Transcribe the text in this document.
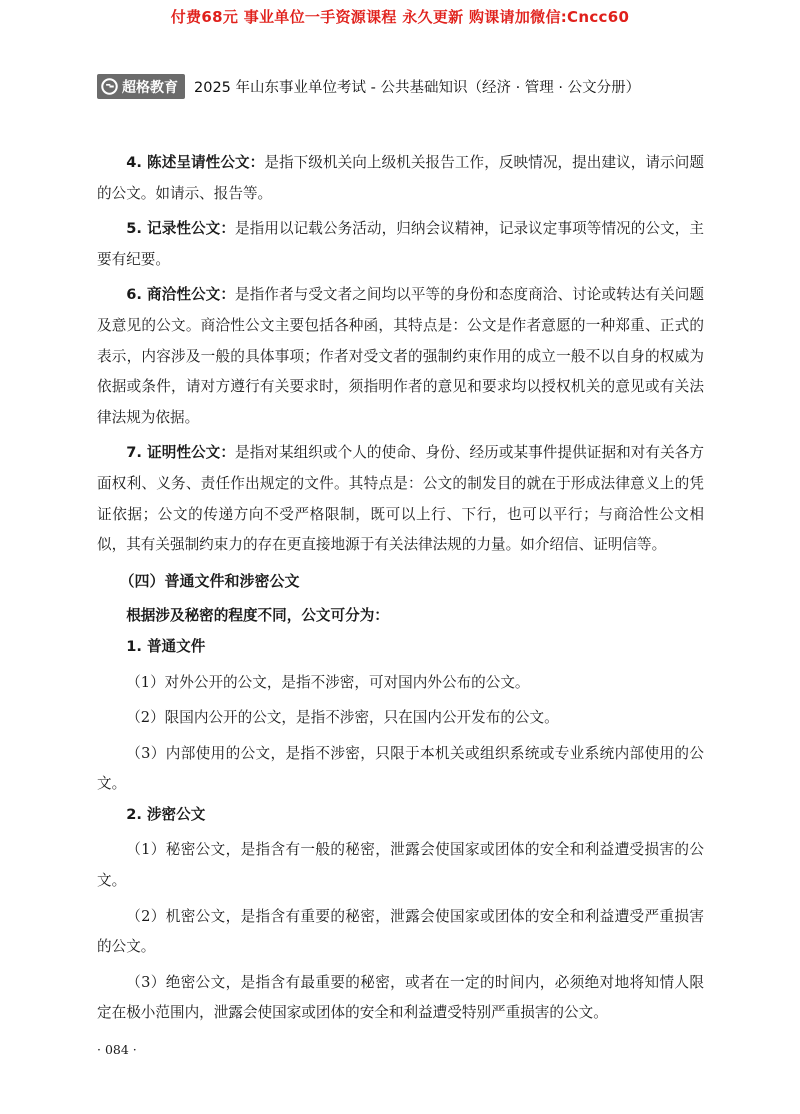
付费68元 事业单位一手资源课程 永久更新 购课请加微信:Cncc60
超格教育 2025 年山东事业单位考试 - 公共基础知识（经济 · 管理 · 公文分册）

4. 陈述呈请性公文：是指下级机关向上级机关报告工作，反映情况，提出建议，请示问题的公文。如请示、报告等。

5. 记录性公文：是指用以记载公务活动，归纳会议精神，记录议定事项等情况的公文，主要有纪要。

6. 商洽性公文：是指作者与受文者之间均以平等的身份和态度商洽、讨论或转达有关问题及意见的公文。商洽性公文主要包括各种函，其特点是：公文是作者意愿的一种郑重、正式的表示，内容涉及一般的具体事项；作者对受文者的强制约束作用的成立一般不以自身的权威为依据或条件，请对方遵行有关要求时，须指明作者的意见和要求均以授权机关的意见或有关法律法规为依据。

7. 证明性公文：是指对某组织或个人的使命、身份、经历或某事件提供证据和对有关各方面权利、义务、责任作出规定的文件。其特点是：公文的制发目的就在于形成法律意义上的凭证依据；公文的传递方向不受严格限制，既可以上行、下行，也可以平行；与商洽性公文相似，其有关强制约束力的存在更直接地源于有关法律法规的力量。如介绍信、证明信等。

（四）普通文件和涉密公文

根据涉及秘密的程度不同，公文可分为：

1. 普通文件

（1）对外公开的公文，是指不涉密，可对国内外公布的公文。

（2）限国内公开的公文，是指不涉密，只在国内公开发布的公文。

（3）内部使用的公文，是指不涉密，只限于本机关或组织系统或专业系统内部使用的公文。

2. 涉密公文

（1）秘密公文，是指含有一般的秘密，泄露会使国家或团体的安全和利益遭受损害的公文。

（2）机密公文，是指含有重要的秘密，泄露会使国家或团体的安全和利益遭受严重损害的公文。

（3）绝密公文，是指含有最重要的秘密，或者在一定的时间内，必须绝对地将知情人限定在极小范围内，泄露会使国家或团体的安全和利益遭受特别严重损害的公文。

· 084 ·
